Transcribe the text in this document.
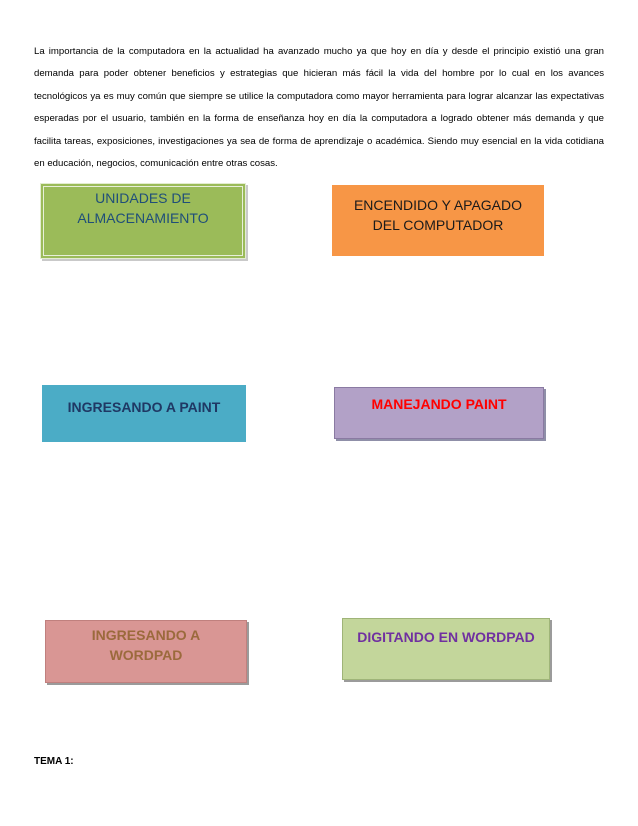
La importancia de la computadora en la actualidad ha avanzado mucho ya que hoy en día y desde el principio existió una gran demanda para poder obtener beneficios y estrategias que hicieran más fácil la vida del hombre por lo cual en los avances tecnológicos ya es muy común que siempre se utilice la computadora como mayor herramienta para lograr alcanzar las expectativas esperadas por el usuario, también en la forma de enseñanza hoy en día la computadora a logrado obtener más demanda y que facilita tareas, exposiciones, investigaciones ya sea de forma de aprendizaje o académica. Siendo muy esencial en la vida cotidiana en educación, negocios, comunicación entre otras cosas.

UNIDADES DE
ALMACENAMIENTO
ENCENDIDO Y APAGADO
DEL COMPUTADOR
INGRESANDO A PAINT	MANEJANDO PAINT
INGRESANDO A
WORDPAD
DIGITANDO EN WORDPAD
TEMA 1:
